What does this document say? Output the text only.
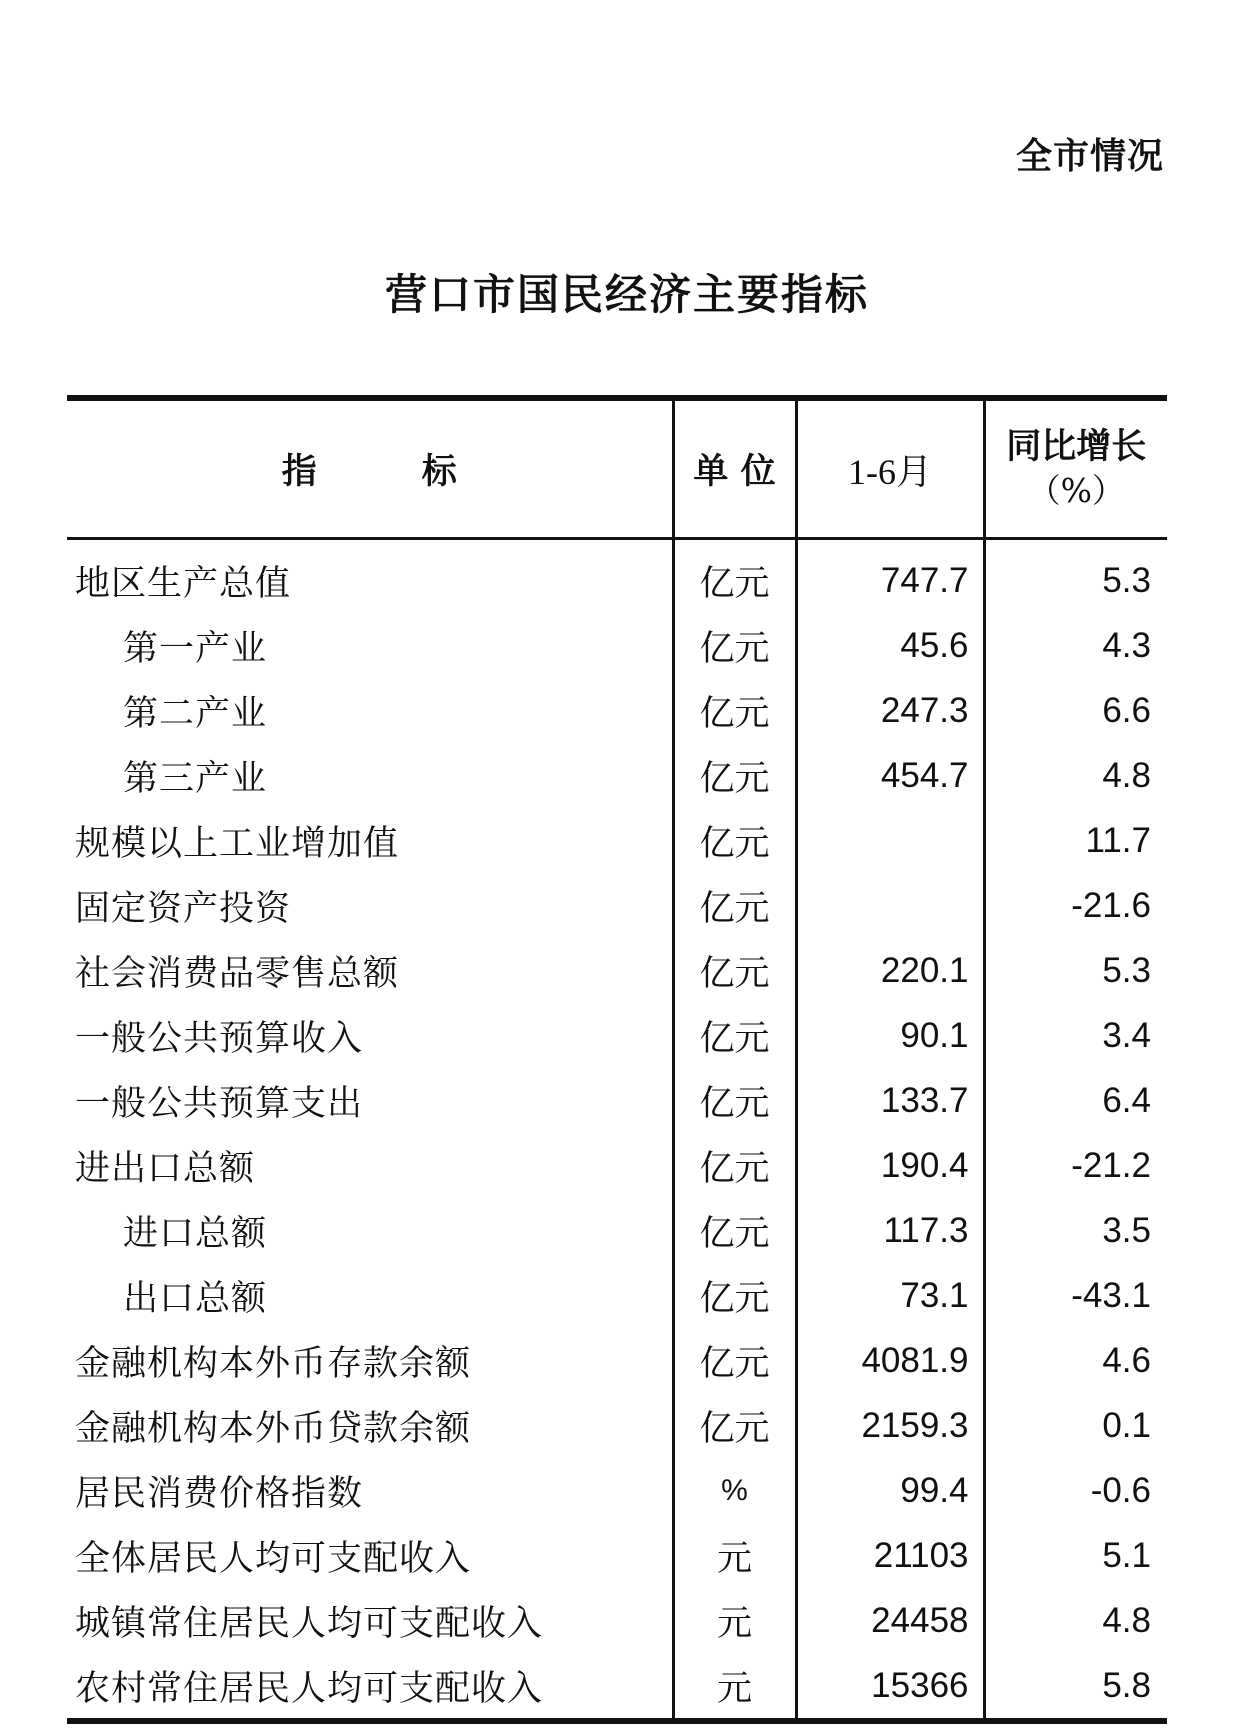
全市情况
营口市国民经济主要指标
指　　　标	单 位	1-6月	同比增长
（%）

地区生产总值	亿元	747.7	5.3
第一产业	亿元	45.6	4.3
第二产业	亿元	247.3	6.6
第三产业	亿元	454.7	4.8
规模以上工业增加值	亿元		11.7
固定资产投资	亿元		-21.6
社会消费品零售总额	亿元	220.1	5.3
一般公共预算收入	亿元	90.1	3.4
一般公共预算支出	亿元	133.7	6.4
进出口总额	亿元	190.4	-21.2
进口总额	亿元	117.3	3.5
出口总额	亿元	73.1	-43.1
金融机构本外币存款余额	亿元	4081.9	4.6
金融机构本外币贷款余额	亿元	2159.3	0.1
居民消费价格指数	%	99.4	-0.6
全体居民人均可支配收入	元	21103	5.1
城镇常住居民人均可支配收入	元	24458	4.8
农村常住居民人均可支配收入	元	15366	5.8
